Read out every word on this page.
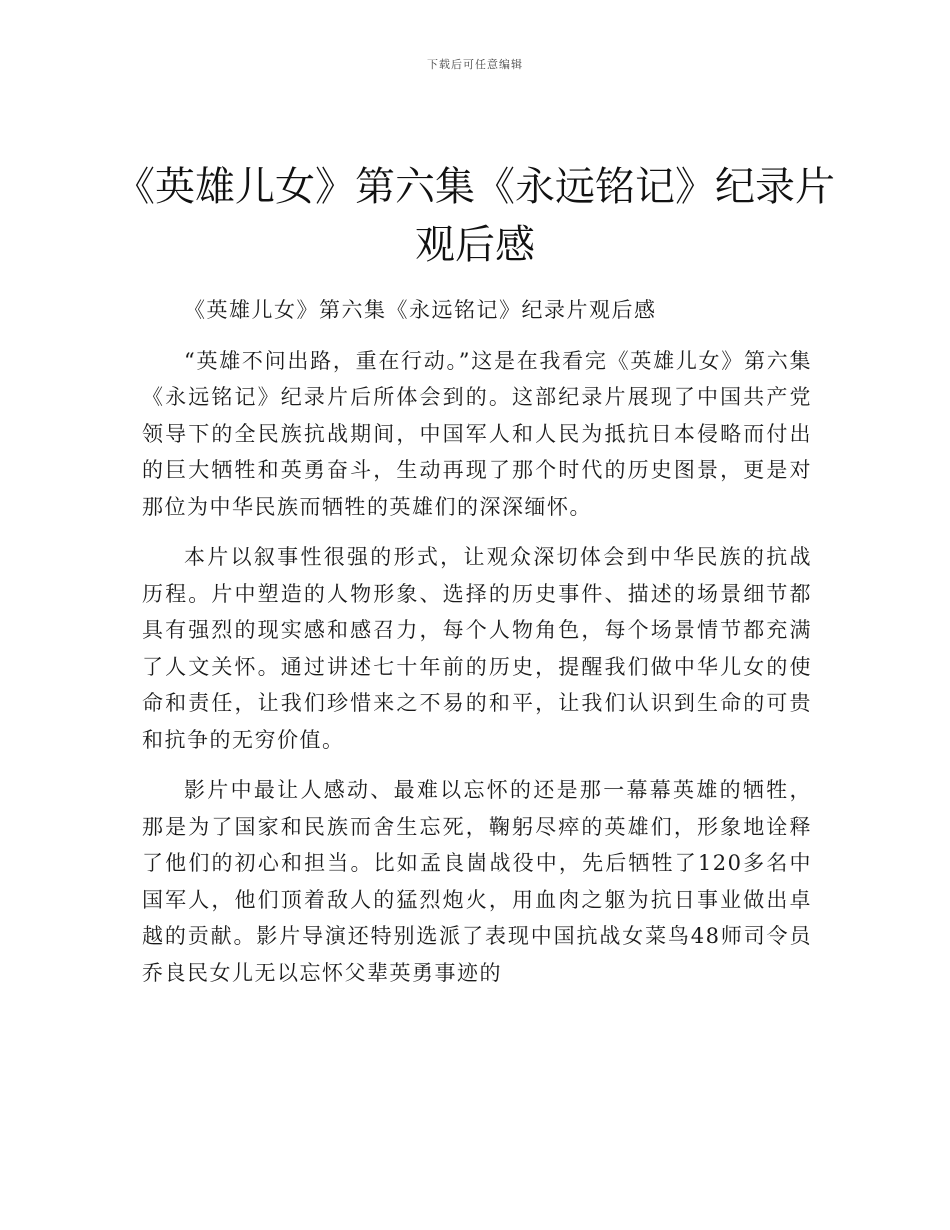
下载后可任意编辑
《英雄儿女》第六集《永远铭记》纪录片观后感

《英雄儿女》第六集《永远铭记》纪录片观后感

“英雄不问出路，重在行动。”这是在我看完《英雄儿女》第六集《永远铭记》纪录片后所体会到的。这部纪录片展现了中国共产党领导下的全民族抗战期间，中国军人和人民为抵抗日本侵略而付出的巨大牺牲和英勇奋斗，生动再现了那个时代的历史图景，更是对那位为中华民族而牺牲的英雄们的深深缅怀。

本片以叙事性很强的形式，让观众深切体会到中华民族的抗战历程。片中塑造的人物形象、选择的历史事件、描述的场景细节都具有强烈的现实感和感召力，每个人物角色，每个场景情节都充满了人文关怀。通过讲述七十年前的历史，提醒我们做中华儿女的使命和责任，让我们珍惜来之不易的和平，让我们认识到生命的可贵和抗争的无穷价值。

影片中最让人感动、最难以忘怀的还是那一幕幕英雄的牺牲，那是为了国家和民族而舍生忘死，鞠躬尽瘁的英雄们，形象地诠释了他们的初心和担当。比如孟良崮战役中，先后牺牲了120多名中国军人，他们顶着敌人的猛烈炮火，用血肉之躯为抗日事业做出卓越的贡献。影片导演还特别选派了表现中国抗战女菜鸟48师司令员乔良民女儿无以忘怀父辈英勇事迹的
